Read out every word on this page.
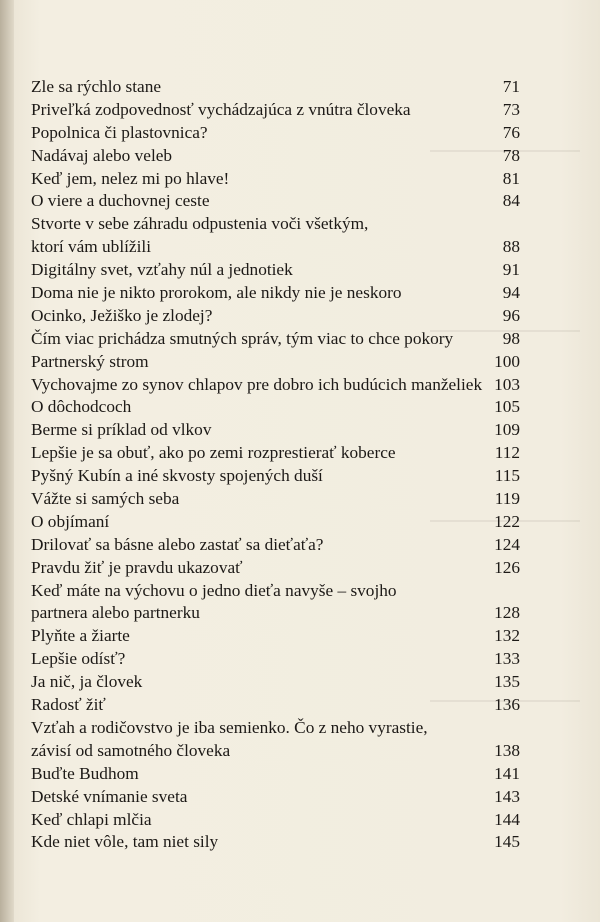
Zle sa rýchlo stane	71
Priveľká zodpovednosť vychádzajúca z vnútra človeka	73
Popolnica či plastovnica?	76
Nadávaj alebo veleb	78
Keď jem, nelez mi po hlave!	81
O viere a duchovnej ceste	84
Stvorte v sebe záhradu odpustenia voči všetkým,
ktorí vám ublížili	88
Digitálny svet, vzťahy núl a jednotiek	91
Doma nie je nikto prorokom, ale nikdy nie je neskoro	94
Ocinko, Ježiško je zlodej?	96
Čím viac prichádza smutných správ, tým viac to chce pokory	98
Partnerský strom	100
Vychovajme zo synov chlapov pre dobro ich budúcich manželiek 103
O dôchodcoch	105
Berme si príklad od vlkov	109
Lepšie je sa obuť, ako po zemi rozprestierať koberce	112
Pyšný Kubín a iné skvosty spojených duší	115
Vážte si samých seba	119
O objímaní	122
Drilovať sa básne alebo zastať sa dieťaťa?	124
Pravdu žiť je pravdu ukazovať	126
Keď máte na výchovu o jedno dieťa navyše – svojho
partnera alebo partnerku	128
Plyňte a žiarte	132
Lepšie odísť?	133
Ja nič, ja človek	135
Radosť žiť	136
Vzťah a rodičovstvo je iba semienko. Čo z neho vyrastie,
závisí od samotného človeka	138
Buďte Budhom	141
Detské vnímanie sveta	143
Keď chlapi mlčia	144
Kde niet vôle, tam niet sily	145
